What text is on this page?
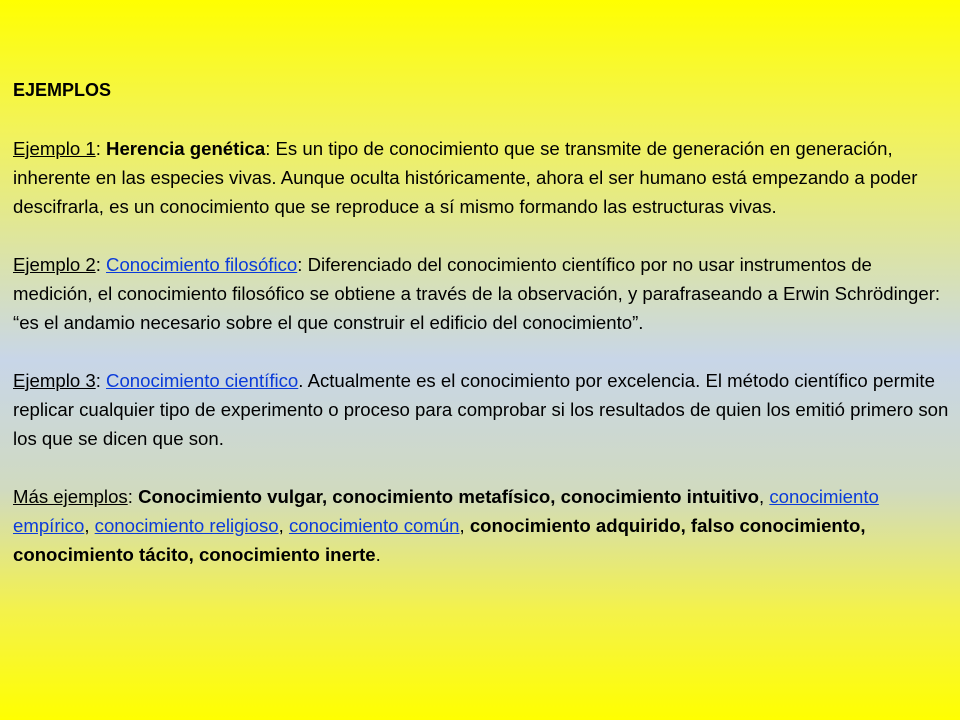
EJEMPLOS

Ejemplo 1: Herencia genética: Es un tipo de conocimiento que se transmite de generación en generación, inherente en las especies vivas. Aunque oculta históricamente, ahora el ser humano está empezando a poder descifrarla, es un conocimiento que se reproduce a sí mismo formando las estructuras vivas.

Ejemplo 2: Conocimiento filosófico: Diferenciado del conocimiento científico por no usar instrumentos de medición, el conocimiento filosófico se obtiene a través de la observación, y parafraseando a Erwin Schrödinger: “es el andamio necesario sobre el que construir el edificio del conocimiento”.

Ejemplo 3: Conocimiento científico. Actualmente es el conocimiento por excelencia. El método científico permite replicar cualquier tipo de experimento o proceso para comprobar si los resultados de quien los emitió primero son los que se dicen que son.

Más ejemplos: Conocimiento vulgar, conocimiento metafísico, conocimiento intuitivo, conocimiento empírico, conocimiento religioso, conocimiento común, conocimiento adquirido, falso conocimiento, conocimiento tácito, conocimiento inerte.
